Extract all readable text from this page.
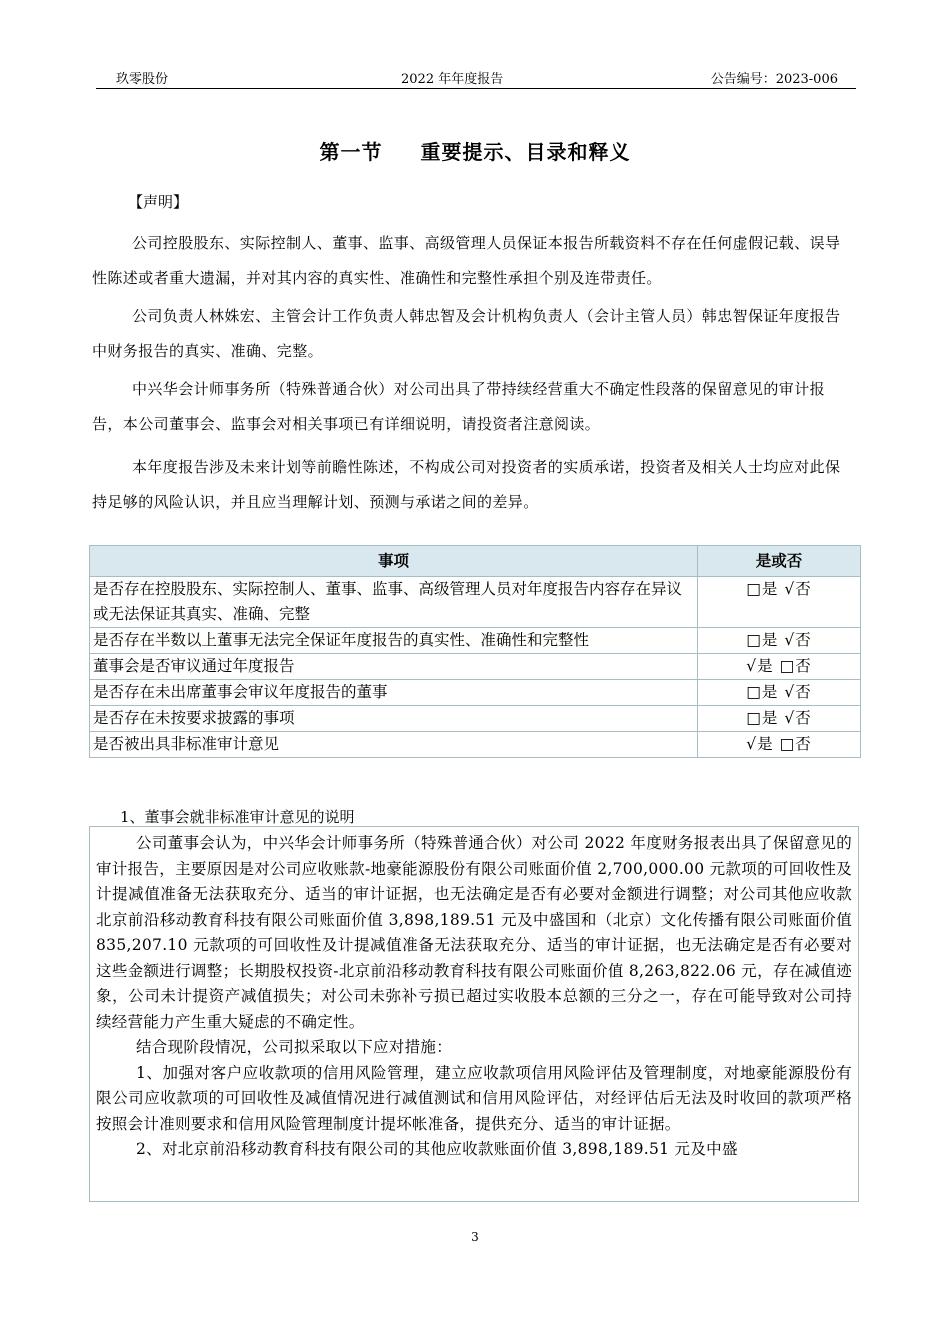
玖零股份	2022 年年度报告	公告编号：2023-006
第一节 重要提示、目录和释义
【声明】
公司控股股东、实际控制人、董事、监事、高级管理人员保证本报告所载资料不存在任何虚假记载、误导性陈述或者重大遗漏，并对其内容的真实性、准确性和完整性承担个别及连带责任。
公司负责人林姝宏、主管会计工作负责人韩忠智及会计机构负责人（会计主管人员）韩忠智保证年度报告中财务报告的真实、准确、完整。
中兴华会计师事务所（特殊普通合伙）对公司出具了带持续经营重大不确定性段落的保留意见的审计报告，本公司董事会、监事会对相关事项已有详细说明，请投资者注意阅读。
本年度报告涉及未来计划等前瞻性陈述，不构成公司对投资者的实质承诺，投资者及相关人士均应对此保持足够的风险认识，并且应当理解计划、预测与承诺之间的差异。
事项	是或否
是否存在控股股东、实际控制人、董事、监事、高级管理人员对年度报告内容存在异议或无法保证其真实、准确、完整	□是 √否
是否存在半数以上董事无法完全保证年度报告的真实性、准确性和完整性	□是 √否
董事会是否审议通过年度报告	√是 □否
是否存在未出席董事会审议年度报告的董事	□是 √否
是否存在未按要求披露的事项	□是 √否
是否被出具非标准审计意见	√是 □否
1、董事会就非标准审计意见的说明

公司董事会认为，中兴华会计师事务所（特殊普通合伙）对公司 2022 年度财务报表出具了保留意见的审计报告，主要原因是对公司应收账款-地豪能源股份有限公司账面价值 2,700,000.00 元款项的可回收性及计提减值准备无法获取充分、适当的审计证据，也无法确定是否有必要对金额进行调整；对公司其他应收款北京前沿移动教育科技有限公司账面价值 3,898,189.51 元及中盛国和（北京）文化传播有限公司账面价值 835,207.10 元款项的可回收性及计提减值准备无法获取充分、适当的审计证据，也无法确定是否有必要对这些金额进行调整；长期股权投资-北京前沿移动教育科技有限公司账面价值 8,263,822.06 元，存在减值迹象，公司未计提资产减值损失；对公司未弥补亏损已超过实收股本总额的三分之一，存在可能导致对公司持续经营能力产生重大疑虑的不确定性。

结合现阶段情况，公司拟采取以下应对措施：

1、加强对客户应收款项的信用风险管理，建立应收款项信用风险评估及管理制度，对地豪能源股份有限公司应收款项的可回收性及减值情况进行减值测试和信用风险评估，对经评估后无法及时收回的款项严格按照会计准则要求和信用风险管理制度计提坏帐准备，提供充分、适当的审计证据。

2、对北京前沿移动教育科技有限公司的其他应收款账面价值 3,898,189.51 元及中盛

3
